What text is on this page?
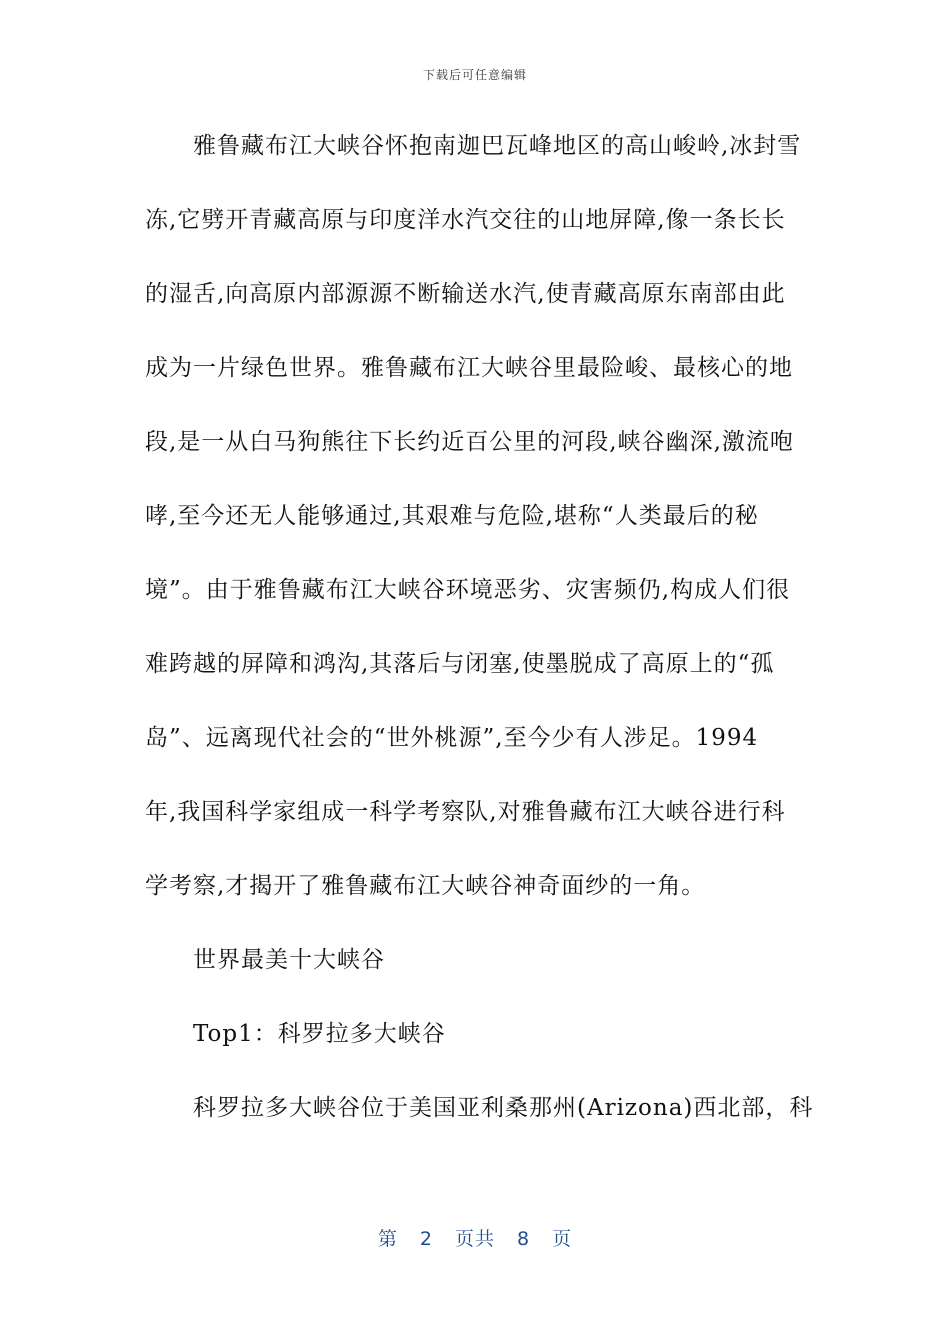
下载后可任意编辑
雅鲁藏布江大峡谷怀抱南迦巴瓦峰地区的高山峻岭,冰封雪
冻,它劈开青藏高原与印度洋水汽交往的山地屏障,像一条长长
的湿舌,向高原内部源源不断输送水汽,使青藏高原东南部由此
成为一片绿色世界。雅鲁藏布江大峡谷里最险峻、最核心的地
段,是一从白马狗熊往下长约近百公里的河段,峡谷幽深,激流咆
哮,至今还无人能够通过,其艰难与危险,堪称“人类最后的秘
境”。由于雅鲁藏布江大峡谷环境恶劣、灾害频仍,构成人们很
难跨越的屏障和鸿沟,其落后与闭塞,使墨脱成了高原上的“孤
岛”、远离现代社会的“世外桃源”,至今少有人涉足。1994
年,我国科学家组成一科学考察队,对雅鲁藏布江大峡谷进行科
学考察,才揭开了雅鲁藏布江大峡谷神奇面纱的一角。
世界最美十大峡谷
Top1：科罗拉多大峡谷
科罗拉多大峡谷位于美国亚利桑那州(Arizona)西北部，科
第 2 页共 8 页
